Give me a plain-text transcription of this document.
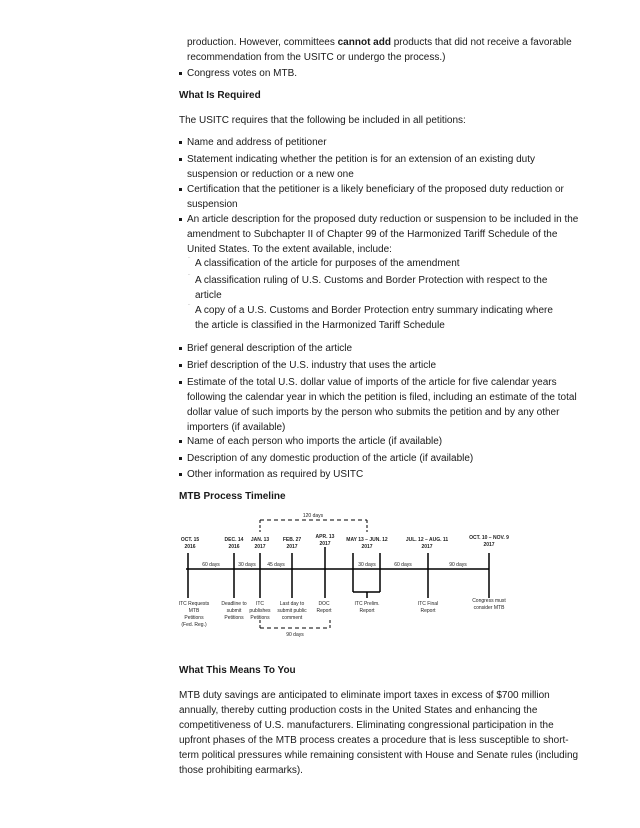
production. However, committees cannot add products that did not receive a favorable recommendation from the USITC or undergo the process.)

Congress votes on MTB.

What Is Required

The USITC requires that the following be included in all petitions:

Name and address of petitioner
Statement indicating whether the petition is for an extension of an existing duty suspension or reduction or a new one
Certification that the petitioner is a likely beneficiary of the proposed duty reduction or suspension
An article description for the proposed duty reduction or suspension to be included in the amendment to Subchapter II of Chapter 99 of the Harmonized Tariff Schedule of the United States. To the extent available, include:
¨ A classification of the article for purposes of the amendment
¨ A classification ruling of U.S. Customs and Border Protection with respect to the article
¨ A copy of a U.S. Customs and Border Protection entry summary indicating where the article is classified in the Harmonized Tariff Schedule
Brief general description of the article
Brief description of the U.S. industry that uses the article
Estimate of the total U.S. dollar value of imports of the article for five calendar years following the calendar year in which the petition is filed, including an estimate of the total dollar value of such imports by the person who submits the petition and by any other importers (if available)
Name of each person who imports the article (if available)
Description of any domestic production of the article (if available)
Other information as required by USITC

MTB Process Timeline

120 days
90 days
OCT. 15
2016
DEC. 14
2016
JAN. 13
2017
FEB. 27
2017
APR. 13
2017
MAY 13 – JUN. 12
2017
JUL. 12 – AUG. 11
2017
OCT. 10 – NOV. 9
2017
60 days	30 days 45 days	30 days	60 days	90 days
ITC Requests
MTB
Petitions
(Fed. Reg.)
Deadline to
submit
Petitions
ITC
publishes
Petitions
Last day to
submit public
comment
DOC
Report
ITC Prelim.
Report
ITC Final
Report
Congress must
consider MTB

What This Means To You

MTB duty savings are anticipated to eliminate import taxes in excess of $700 million annually, thereby cutting production costs in the United States and enhancing the competitiveness of U.S. manufacturers. Eliminating congressional participation in the upfront phases of the MTB process creates a procedure that is less susceptible to short-term political pressures while remaining consistent with House and Senate rules (including those prohibiting earmarks).
